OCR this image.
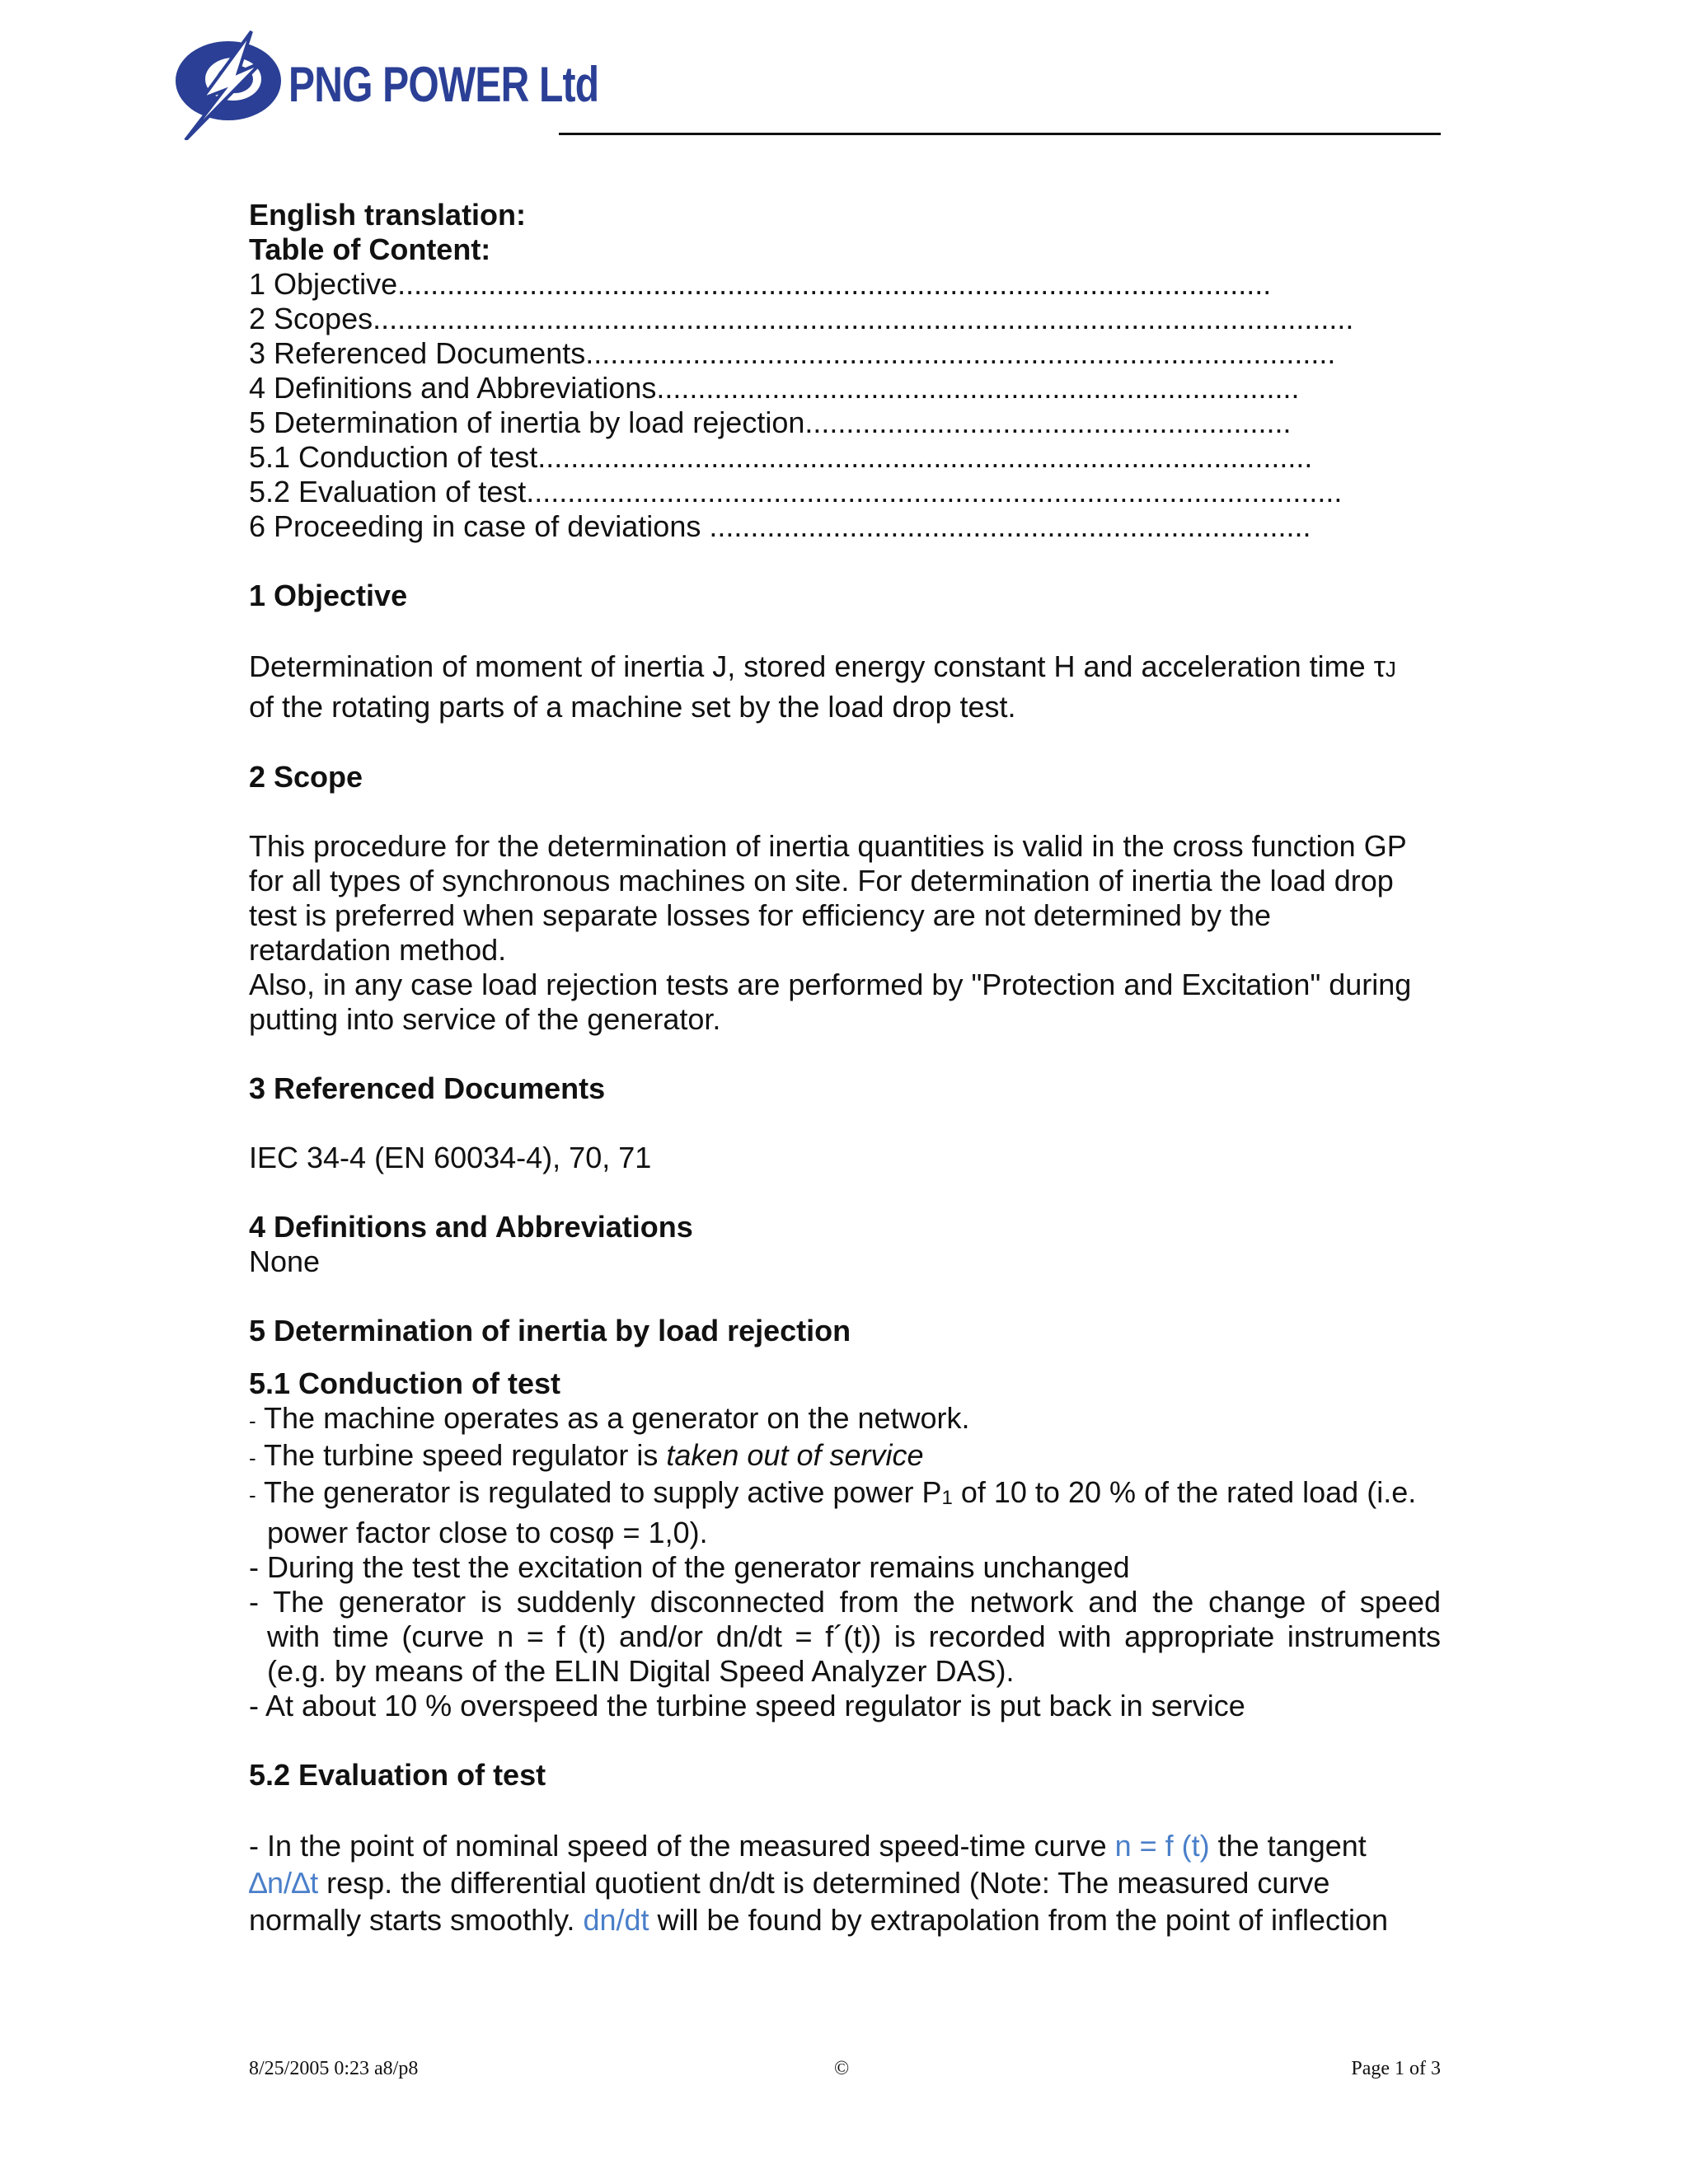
PNG POWER Ltd
English translation:
Table of Content:
1 Objective..........................................................................................................
2 Scopes.......................................................................................................................
3 Referenced Documents...........................................................................................
4 Definitions and Abbreviations..............................................................................
5 Determination of inertia by load rejection...........................................................
5.1 Conduction of test..............................................................................................
5.2 Evaluation of test...................................................................................................
6 Proceeding in case of deviations .........................................................................
1 Objective
Determination of moment of inertia J, stored energy constant H and acceleration time τJ
of the rotating parts of a machine set by the load drop test.
2 Scope
This procedure for the determination of inertia quantities is valid in the cross function GP
for all types of synchronous machines on site. For determination of inertia the load drop
test is preferred when separate losses for efficiency are not determined by the
retardation method.
Also, in any case load rejection tests are performed by "Protection and Excitation" during
putting into service of the generator.
3 Referenced Documents
IEC 34-4 (EN 60034-4), 70, 71
4 Definitions and Abbreviations
None
5 Determination of inertia by load rejection
5.1 Conduction of test
- The machine operates as a generator on the network.
- The turbine speed regulator is taken out of service
- The generator is regulated to supply active power P1 of 10 to 20 % of the rated load (i.e.
power factor close to cosφ = 1,0).
- During the test the excitation of the generator remains unchanged
- The generator is suddenly disconnected from the network and the change of speed
with time (curve n = f (t) and/or dn/dt = f´(t)) is recorded with appropriate instruments
(e.g. by means of the ELIN Digital Speed Analyzer DAS).
- At about 10 % overspeed the turbine speed regulator is put back in service
5.2 Evaluation of test
- In the point of nominal speed of the measured speed-time curve n = f (t) the tangent
∆n/∆t resp. the differential quotient dn/dt is determined (Note: The measured curve
normally starts smoothly. dn/dt will be found by extrapolation from the point of inflection
8/25/2005 0:23 a8/p8	©	Page 1 of 3
